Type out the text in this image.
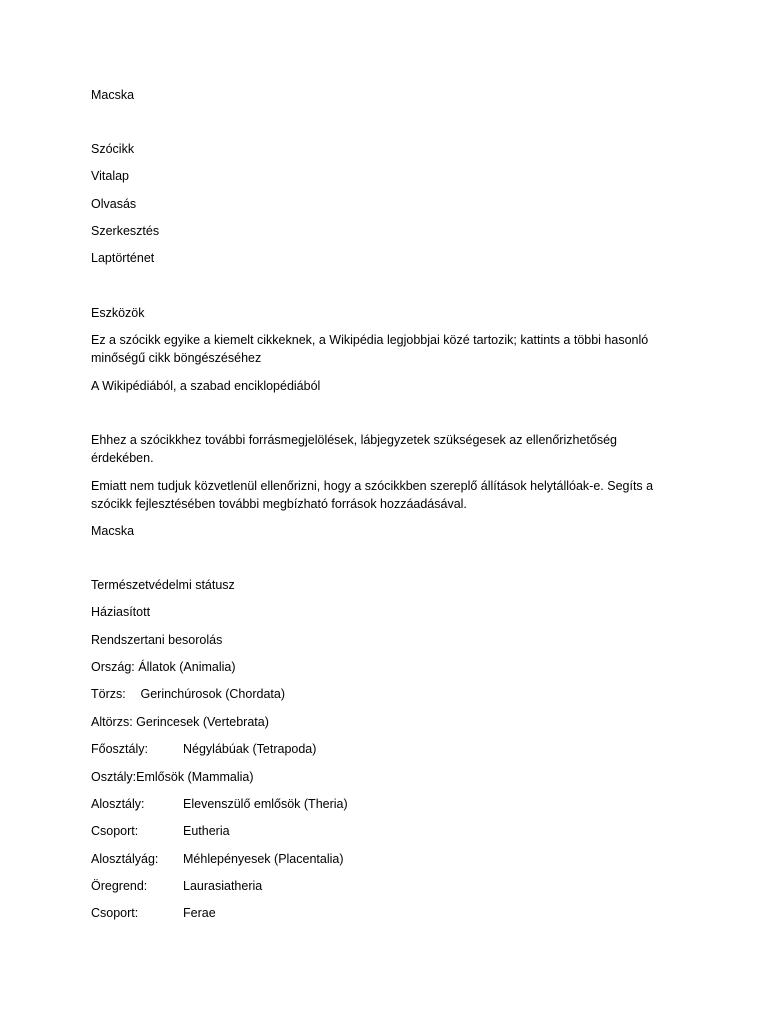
Macska
Szócikk
Vitalap
Olvasás
Szerkesztés
Laptörténet
Eszközök
Ez a szócikk egyike a kiemelt cikkeknek, a Wikipédia legjobbjai közé tartozik; kattints a többi hasonló minőségű cikk böngészéséhez
A Wikipédiából, a szabad enciklopédiából
Ehhez a szócikkhez további forrásmegjelölések, lábjegyzetek szükségesek az ellenőrizhetőség érdekében.
Emiatt nem tudjuk közvetlenül ellenőrizni, hogy a szócikkben szereplő állítások helytállóak-e. Segíts a szócikk fejlesztésében további megbízható források hozzáadásával.
Macska
Természetvédelmi státusz
Háziasított
Rendszertani besorolás
Ország: Állatok (Animalia)
Törzs: Gerinchúrosok (Chordata)
Altörzs: Gerincesek (Vertebrata)
Főosztály:	Négylábúak (Tetrapoda)
Osztály:Emlősök (Mammalia)
Alosztály:	Elevenszülő emlősök (Theria)
Csoport:	Eutheria
Alosztályág: Méhlepényesek (Placentalia)
Öregrend:	Laurasiatheria
Csoport:	Ferae
